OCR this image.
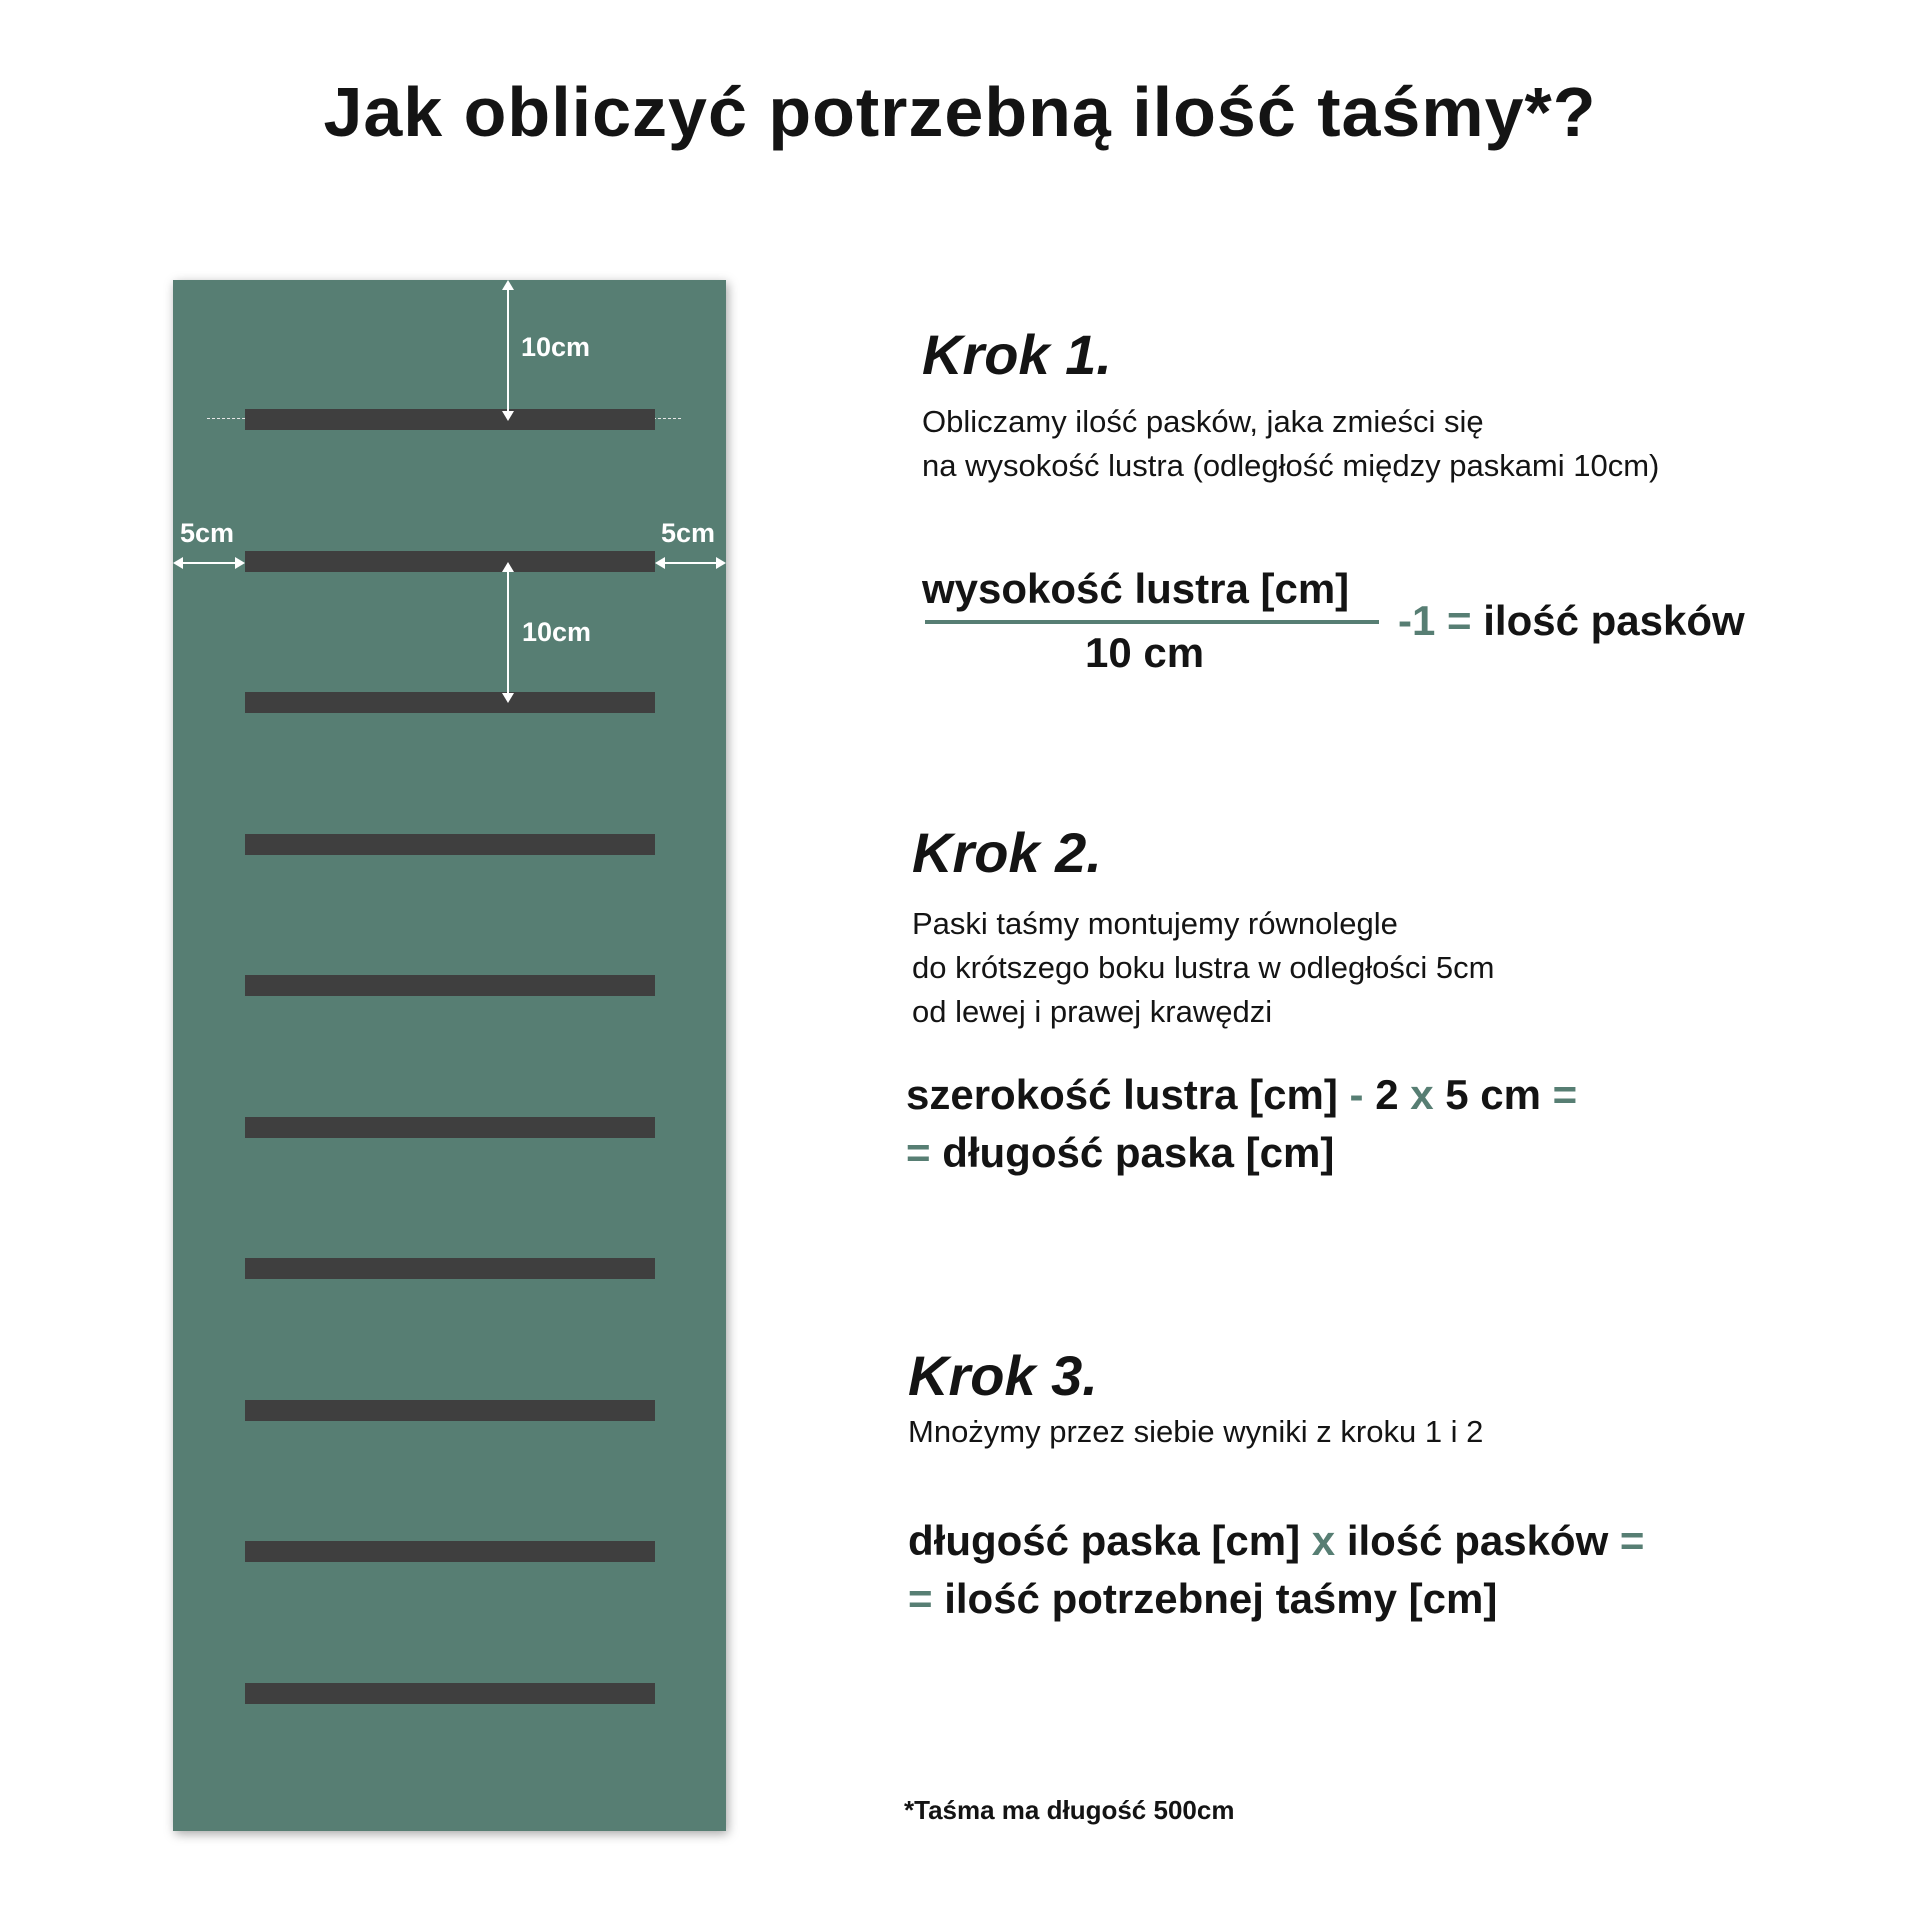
Jak obliczyć potrzebną ilość taśmy*?
10cm
10cm
5cm	5cm
Krok 1.
Obliczamy ilość pasków, jaka zmieści się
na wysokość lustra (odległość między paskami 10cm)
wysokość lustra [cm]
10 cm
-1 = ilość pasków
Krok 2.
Paski taśmy montujemy równolegle
do krótszego boku lustra w odległości 5cm
od lewej i prawej krawędzi
szerokość lustra [cm] - 2 x 5 cm =
= długość paska [cm]
Krok 3.
Mnożymy przez siebie wyniki z kroku 1 i 2
długość paska [cm] x ilość pasków =
= ilość potrzebnej taśmy [cm]
*Taśma ma długość 500cm
